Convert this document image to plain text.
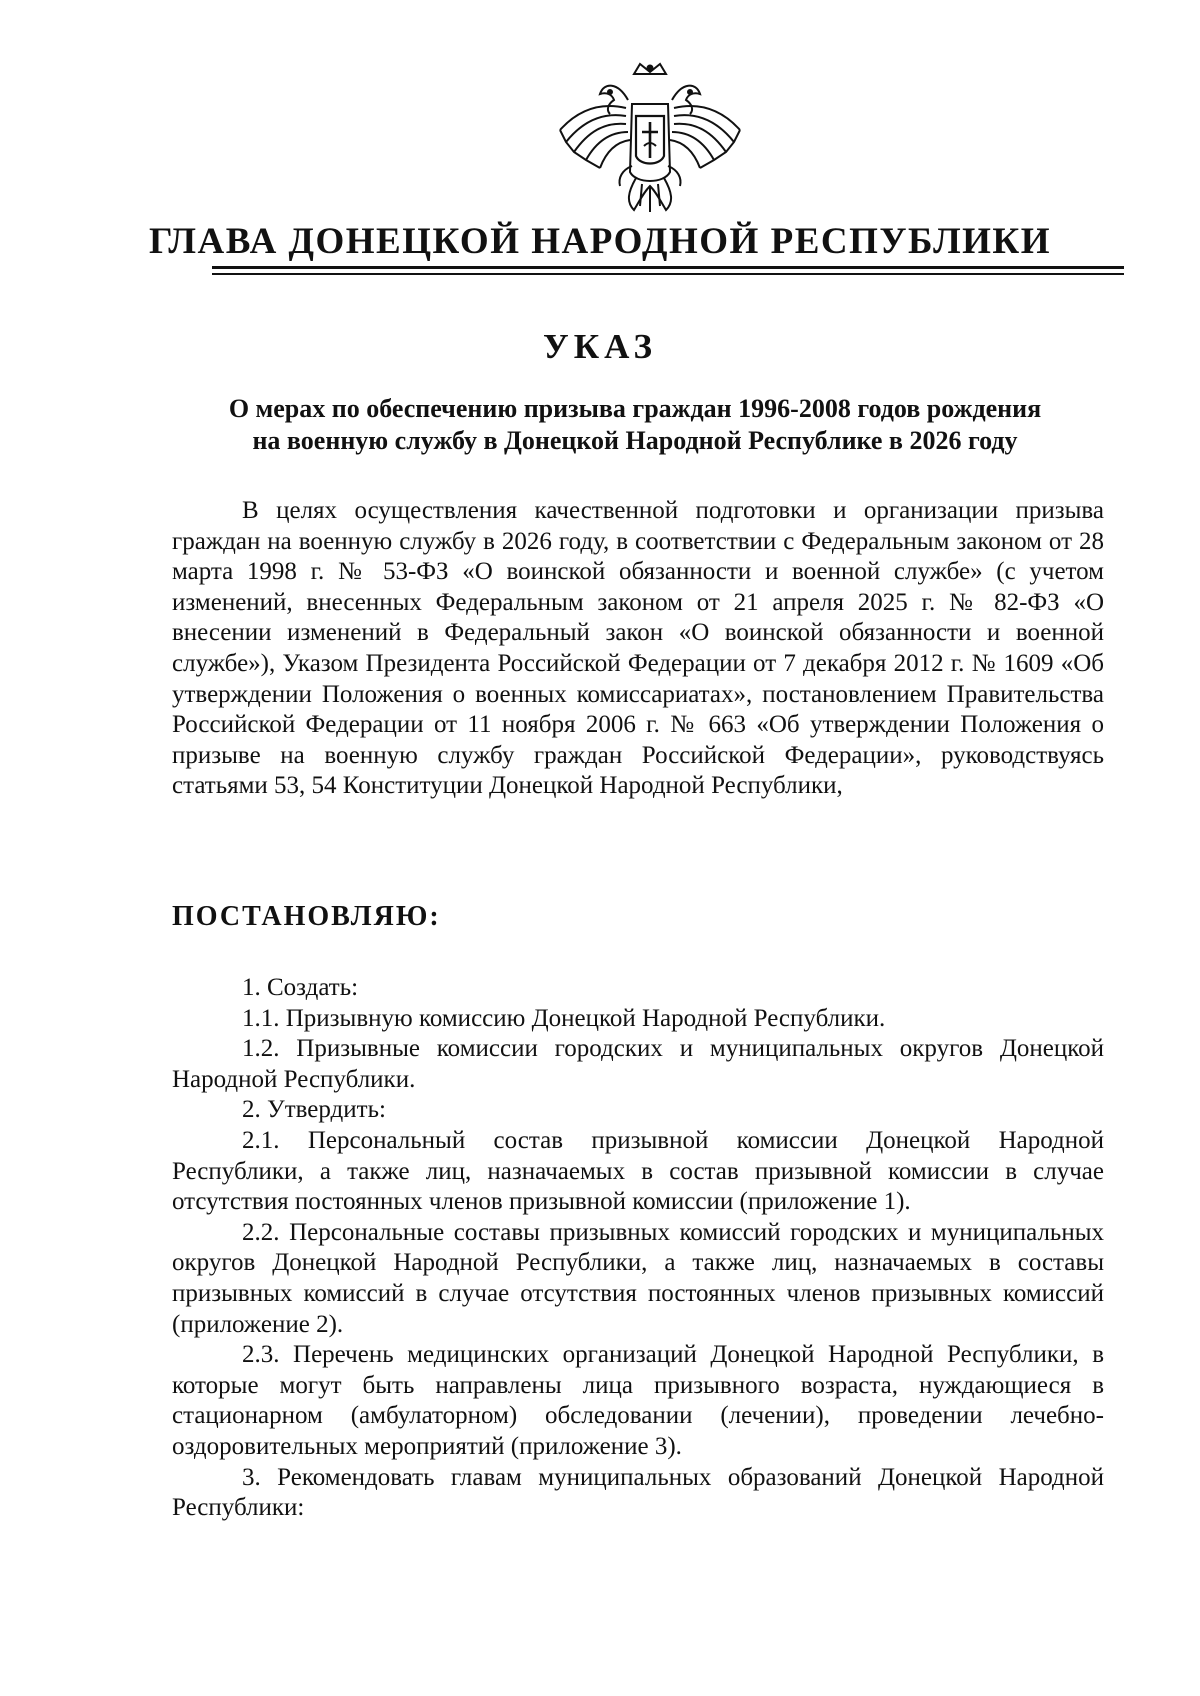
ГЛАВА ДОНЕЦКОЙ НАРОДНОЙ РЕСПУБЛИКИ
УКАЗ
О мерах по обеспечению призыва граждан 1996-2008 годов рождения
на военную службу в Донецкой Народной Республике в 2026 году

В целях осуществления качественной подготовки и организации призыва граждан на военную службу в 2026 году, в соответствии с Федеральным законом от 28 марта 1998 г. № 53-ФЗ «О воинской обязанности и военной службе» (с учетом изменений, внесенных Федеральным законом от 21 апреля 2025 г. № 82-ФЗ «О внесении изменений в Федеральный закон «О воинской обязанности и военной службе»), Указом Президента Российской Федерации от 7 декабря 2012 г. № 1609 «Об утверждении Положения о военных комиссариатах», постановлением Правительства Российской Федерации от 11 ноября 2006 г. № 663 «Об утверждении Положения о призыве на военную службу граждан Российской Федерации», руководствуясь статьями 53, 54 Конституции Донецкой Народной Республики,

ПОСТАНОВЛЯЮ:

1. Создать:

1.1. Призывную комиссию Донецкой Народной Республики.

1.2. Призывные комиссии городских и муниципальных округов Донецкой Народной Республики.

2. Утвердить:

2.1. Персональный состав призывной комиссии Донецкой Народной Республики, а также лиц, назначаемых в состав призывной комиссии в случае отсутствия постоянных членов призывной комиссии (приложение 1).

2.2. Персональные составы призывных комиссий городских и муниципальных округов Донецкой Народной Республики, а также лиц, назначаемых в составы призывных комиссий в случае отсутствия постоянных членов призывных комиссий (приложение 2).

2.3. Перечень медицинских организаций Донецкой Народной Республики, в которые могут быть направлены лица призывного возраста, нуждающиеся в стационарном (амбулаторном) обследовании (лечении), проведении лечебно-оздоровительных мероприятий (приложение 3).

3. Рекомендовать главам муниципальных образований Донецкой Народной Республики:
